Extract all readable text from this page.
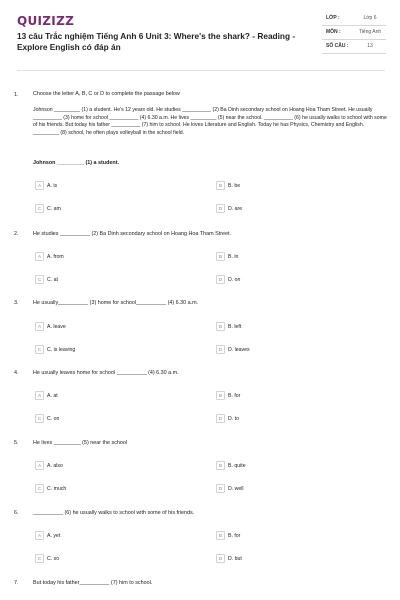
QUIZIZZ
13 câu Trắc nghiệm Tiếng Anh 6 Unit 3: Where's the shark? - Reading - Explore English có đáp án
LỚP :	Lớp 6
MÔN :	Tiếng Anh
SỐ CÂU :	13
1.	Choose the letter A, B, C or D to complete the passage below
Johnson _________ (1) a student. He's 12 years old. He studies __________ (2) Ba Dinh secondary school on Hoang Hoa Tham Street. He usually __________ (3) home for school __________ (4) 6.30 a.m. He lives _________ (5) near the school. __________ (6) he usually walks to school with some of his friends. But today his father __________ (7) him to school. He loves Literature and English. Today he has Physics, Chemistry and English. _________ (8) school, he often plays volleyball in the school field.
Johnson _________ (1) a student.
A	A. is	B	B. be
C	C. am	D	D. are
2.	He studies __________ (2) Ba Dinh secondary school on Hoang Hoa Tham Street.
A	A. from	B	B. in
C	C. at	D	D. on
3.	He usually__________ (3) home for school__________ (4) 6.30 a.m.
A	A. leave	B	B. left
C	C. is leaving	D	D. leaves
4.	He usually leaves home for school __________ (4) 6.30 a.m.
A	A. at	B	B. for
C	C. on	D	D. to
5.	He lives _________ (5) near the school
A	A. also	B	B. quite
C	C. much	D	D. well
6.	__________ (6) he usually walks to school with some of his friends.
A	A. yet	B	B. for
C	C. so	D	D. but
7.	But today his father__________ (7) him to school.
